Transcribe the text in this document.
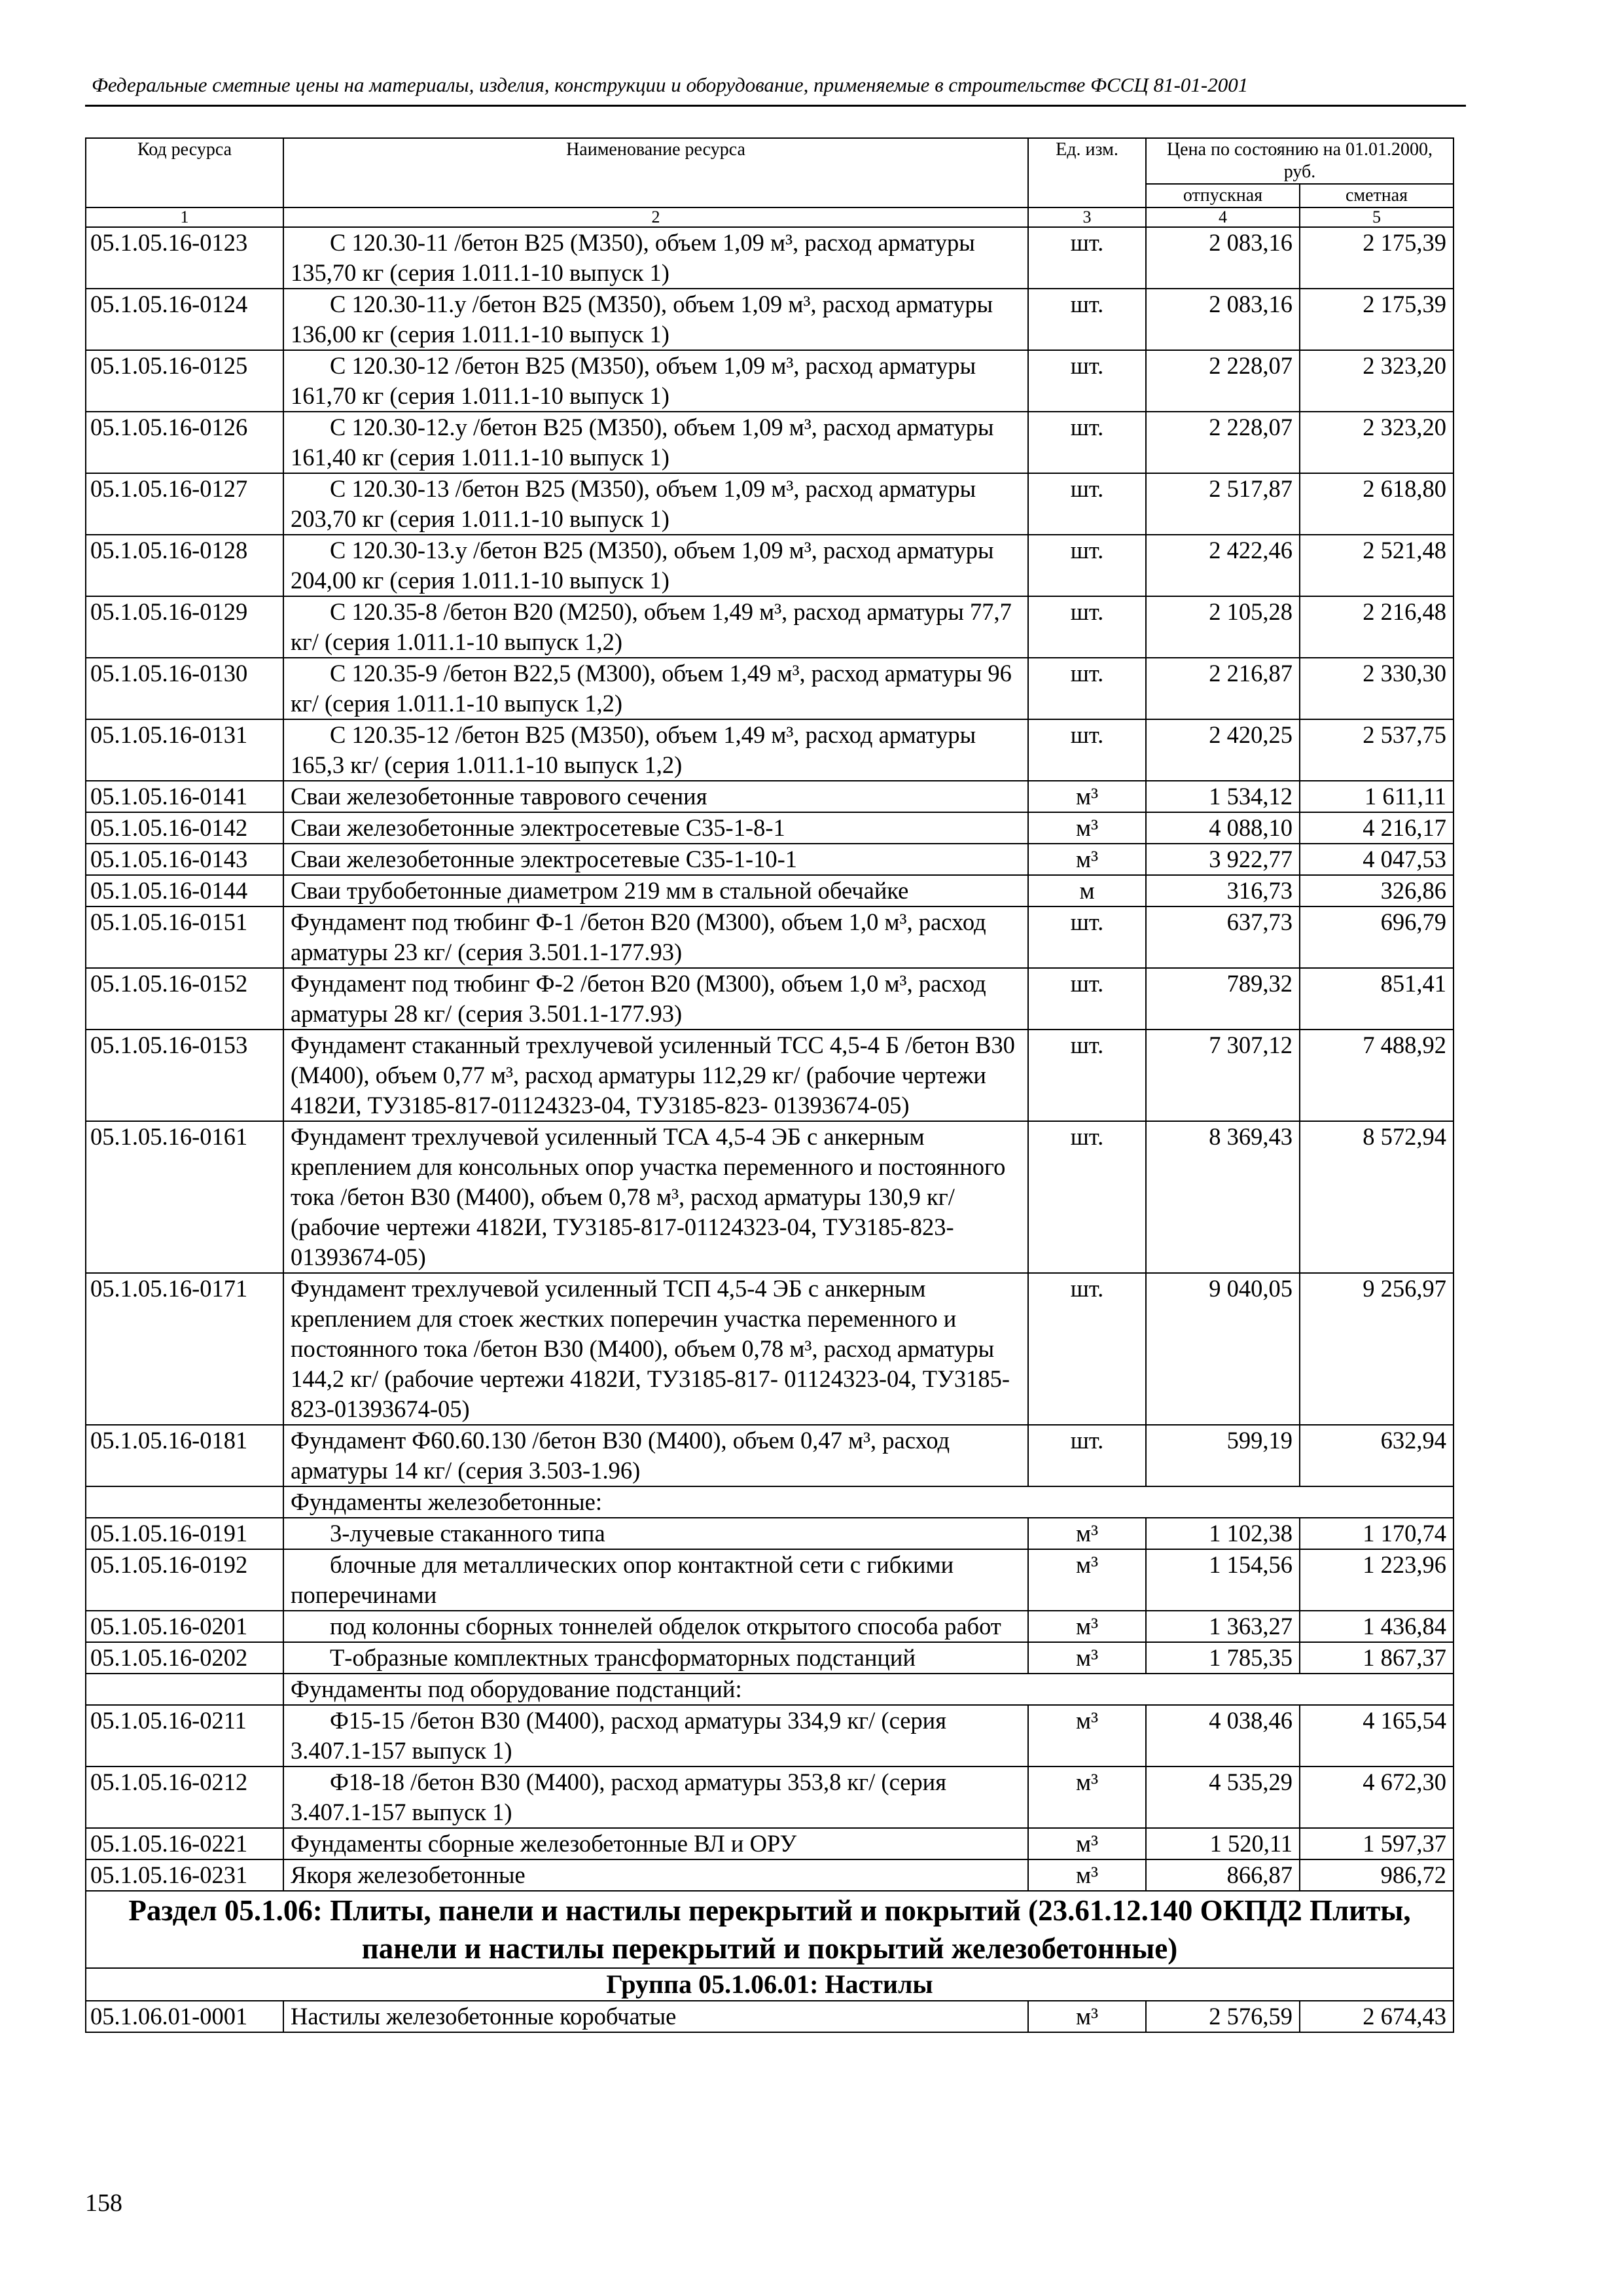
Федеральные сметные цены на материалы, изделия, конструкции и оборудование, применяемые в строительстве ФССЦ 81-01-2001
Код ресурса	Наименование ресурса	Ед. изм.	Цена по состоянию на 01.01.2000, руб.	
			отпускная	сметная
1	2	3	4	5
05.1.05.16-0123	С 120.30-11 /бетон В25 (М350), объем 1,09 м³, расход арматуры 135,70 кг (серия 1.011.1-10 выпуск 1)	шт.	2 083,16	2 175,39
05.1.05.16-0124	С 120.30-11.у /бетон В25 (М350), объем 1,09 м³, расход арматуры 136,00 кг (серия 1.011.1-10 выпуск 1)	шт.	2 083,16	2 175,39
05.1.05.16-0125	С 120.30-12 /бетон В25 (М350), объем 1,09 м³, расход арматуры 161,70 кг (серия 1.011.1-10 выпуск 1)	шт.	2 228,07	2 323,20
05.1.05.16-0126	С 120.30-12.у /бетон В25 (М350), объем 1,09 м³, расход арматуры 161,40 кг (серия 1.011.1-10 выпуск 1)	шт.	2 228,07	2 323,20
05.1.05.16-0127	С 120.30-13 /бетон В25 (М350), объем 1,09 м³, расход арматуры 203,70 кг (серия 1.011.1-10 выпуск 1)	шт.	2 517,87	2 618,80
05.1.05.16-0128	С 120.30-13.у /бетон В25 (М350), объем 1,09 м³, расход арматуры 204,00 кг (серия 1.011.1-10 выпуск 1)	шт.	2 422,46	2 521,48
05.1.05.16-0129	С 120.35-8 /бетон В20 (М250), объем 1,49 м³, расход арматуры 77,7 кг/ (серия 1.011.1-10 выпуск 1,2)	шт.	2 105,28	2 216,48
05.1.05.16-0130	С 120.35-9 /бетон В22,5 (М300), объем 1,49 м³, расход арматуры 96 кг/ (серия 1.011.1-10 выпуск 1,2)	шт.	2 216,87	2 330,30
05.1.05.16-0131	С 120.35-12 /бетон В25 (М350), объем 1,49 м³, расход арматуры 165,3 кг/ (серия 1.011.1-10 выпуск 1,2)	шт.	2 420,25	2 537,75
05.1.05.16-0141	Сваи железобетонные таврового сечения	м³	1 534,12	1 611,11
05.1.05.16-0142	Сваи железобетонные электросетевые С35-1-8-1	м³	4 088,10	4 216,17
05.1.05.16-0143	Сваи железобетонные электросетевые С35-1-10-1	м³	3 922,77	4 047,53
05.1.05.16-0144	Сваи трубобетонные диаметром 219 мм в стальной обечайке	м	316,73	326,86
05.1.05.16-0151	Фундамент под тюбинг Ф-1 /бетон В20 (М300), объем 1,0 м³, расход арматуры 23 кг/ (серия 3.501.1-177.93)	шт.	637,73	696,79
05.1.05.16-0152	Фундамент под тюбинг Ф-2 /бетон В20 (М300), объем 1,0 м³, расход арматуры 28 кг/ (серия 3.501.1-177.93)	шт.	789,32	851,41
05.1.05.16-0153	Фундамент стаканный трехлучевой усиленный ТСС 4,5-4 Б /бетон В30 (М400), объем 0,77 м³, расход арматуры 112,29 кг/ (рабочие чертежи 4182И, ТУ3185-817-01124323-04, ТУ3185-823- 01393674-05)	шт.	7 307,12	7 488,92
05.1.05.16-0161	Фундамент трехлучевой усиленный ТСА 4,5-4 ЭБ с анкерным креплением для консольных опор участка переменного и постоянного тока /бетон В30 (М400), объем 0,78 м³, расход арматуры 130,9 кг/ (рабочие чертежи 4182И, ТУ3185-817-01124323-04, ТУ3185-823-01393674-05)	шт.	8 369,43	8 572,94
05.1.05.16-0171	Фундамент трехлучевой усиленный ТСП 4,5-4 ЭБ с анкерным креплением для стоек жестких поперечин участка переменного и постоянного тока /бетон В30 (М400), объем 0,78 м³, расход арматуры 144,2 кг/ (рабочие чертежи 4182И, ТУ3185-817- 01124323-04, ТУ3185-823-01393674-05)	шт.	9 040,05	9 256,97
05.1.05.16-0181	Фундамент Ф60.60.130 /бетон В30 (М400), объем 0,47 м³, расход арматуры 14 кг/ (серия 3.503-1.96)	шт.	599,19	632,94
	Фундаменты железобетонные:			
05.1.05.16-0191	3-лучевые стаканного типа	м³	1 102,38	1 170,74
05.1.05.16-0192	блочные для металлических опор контактной сети с гибкими поперечинами	м³	1 154,56	1 223,96
05.1.05.16-0201	под колонны сборных тоннелей обделок открытого способа работ	м³	1 363,27	1 436,84
05.1.05.16-0202	Т-образные комплектных трансформаторных подстанций	м³	1 785,35	1 867,37
	Фундаменты под оборудование подстанций:			
05.1.05.16-0211	Ф15-15 /бетон В30 (М400), расход арматуры 334,9 кг/ (серия 3.407.1-157 выпуск 1)	м³	4 038,46	4 165,54
05.1.05.16-0212	Ф18-18 /бетон В30 (М400), расход арматуры 353,8 кг/ (серия 3.407.1-157 выпуск 1)	м³	4 535,29	4 672,30
05.1.05.16-0221	Фундаменты сборные железобетонные ВЛ и ОРУ	м³	1 520,11	1 597,37
05.1.05.16-0231	Якоря железобетонные	м³	866,87	986,72
Раздел 05.1.06: Плиты, панели и настилы перекрытий и покрытий (23.61.12.140 ОКПД2 Плиты, панели и настилы перекрытий и покрытий железобетонные)				
Группа 05.1.06.01: Настилы				
05.1.06.01-0001	Настилы железобетонные коробчатые	м³	2 576,59	2 674,43
158
